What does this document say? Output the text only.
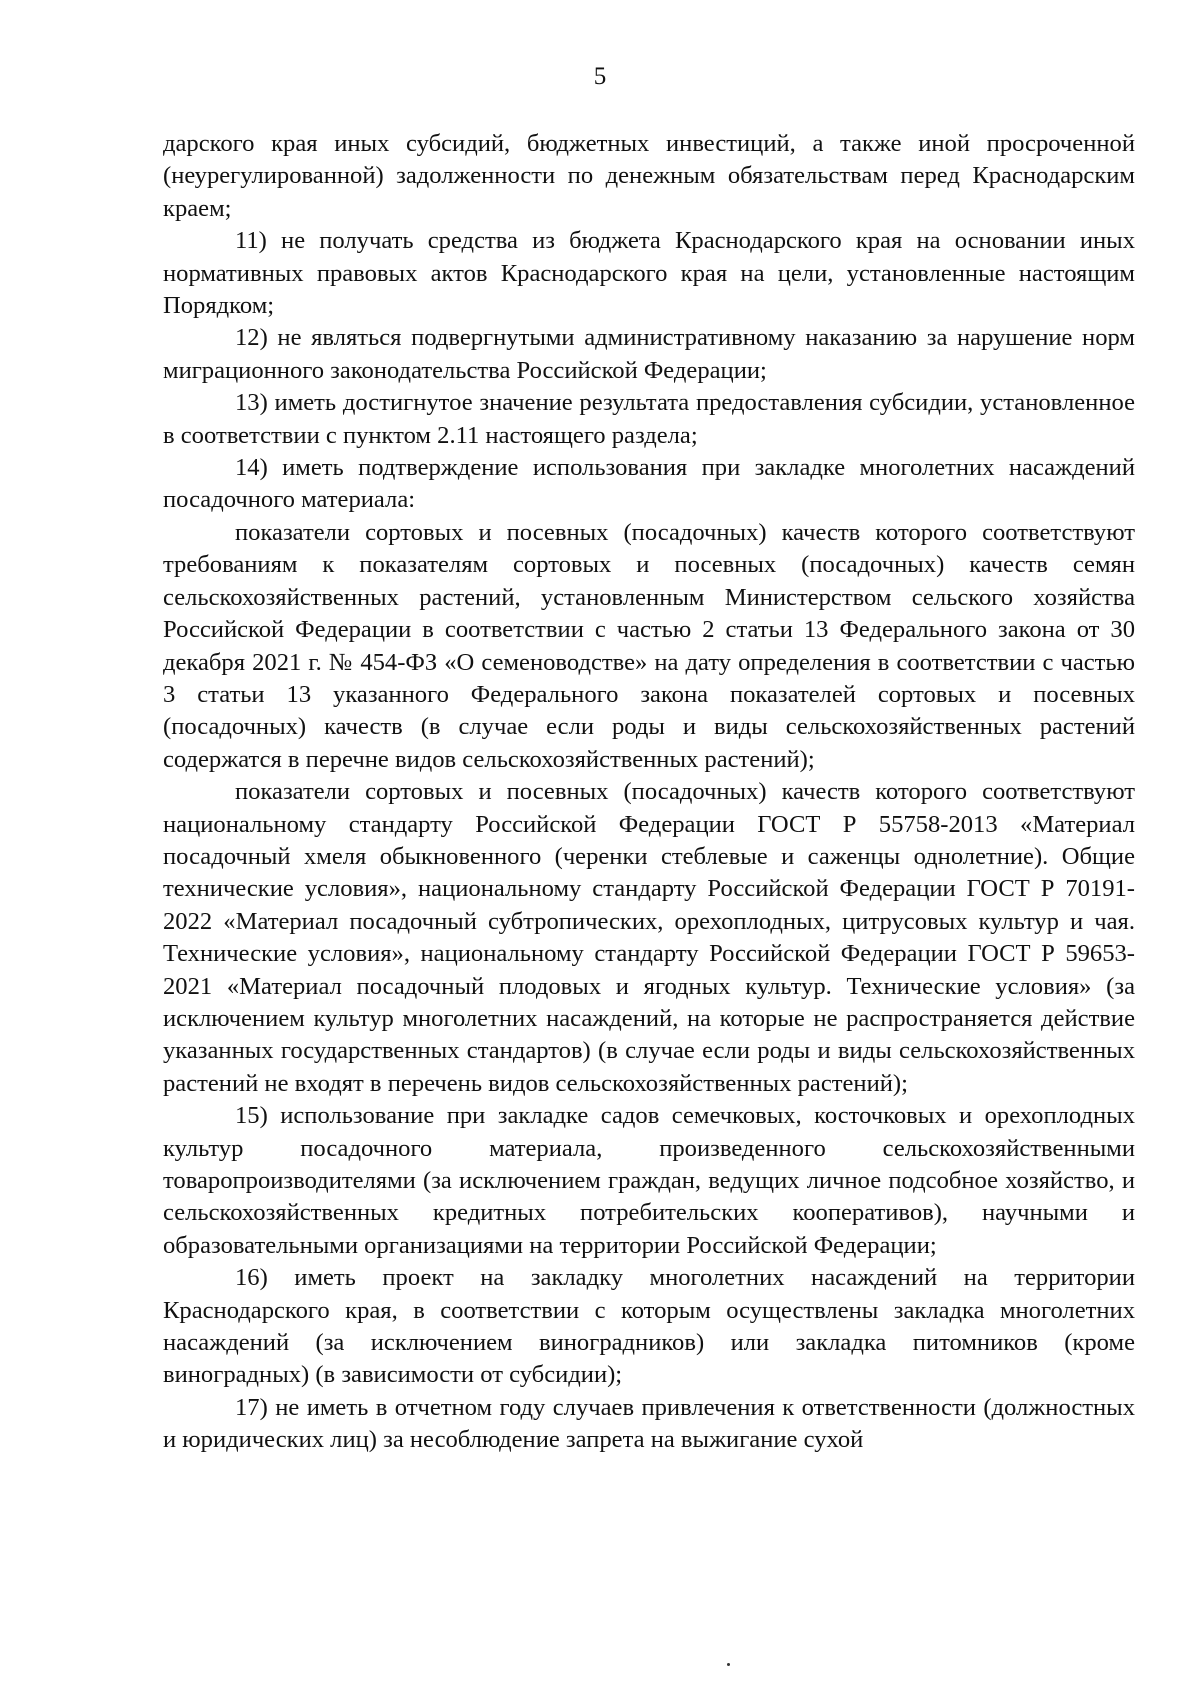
5

дарского края иных субсидий, бюджетных инвестиций, а также иной просроченной (неурегулированной) задолженности по денежным обязательствам перед Краснодарским краем;

11) не получать средства из бюджета Краснодарского края на основании иных нормативных правовых актов Краснодарского края на цели, установленные настоящим Порядком;

12) не являться подвергнутыми административному наказанию за нарушение норм миграционного законодательства Российской Федерации;

13) иметь достигнутое значение результата предоставления субсидии, установленное в соответствии с пунктом 2.11 настоящего раздела;

14) иметь подтверждение использования при закладке многолетних насаждений посадочного материала:

показатели сортовых и посевных (посадочных) качеств которого соответствуют требованиям к показателям сортовых и посевных (посадочных) качеств семян сельскохозяйственных растений, установленным Министерством сельского хозяйства Российской Федерации в соответствии с частью 2 статьи 13 Федерального закона от 30 декабря 2021 г. № 454-ФЗ «О семеноводстве» на дату определения в соответствии с частью 3 статьи 13 указанного Федерального закона показателей сортовых и посевных (посадочных) качеств (в случае если роды и виды сельскохозяйственных растений содержатся в перечне видов сельскохозяйственных растений);

показатели сортовых и посевных (посадочных) качеств которого соответствуют национальному стандарту Российской Федерации ГОСТ Р 55758-2013 «Материал посадочный хмеля обыкновенного (черенки стеблевые и саженцы однолетние). Общие технические условия», национальному стандарту Российской Федерации ГОСТ Р 70191-2022 «Материал посадочный субтропических, орехоплодных, цитрусовых культур и чая. Технические условия», национальному стандарту Российской Федерации ГОСТ Р 59653-2021 «Материал посадочный плодовых и ягодных культур. Технические условия» (за исключением культур многолетних насаждений, на которые не распространяется действие указанных государственных стандартов) (в случае если роды и виды сельскохозяйственных растений не входят в перечень видов сельскохозяйственных растений);

15) использование при закладке садов семечковых, косточковых и орехоплодных культур посадочного материала, произведенного сельскохозяйственными товаропроизводителями (за исключением граждан, ведущих личное подсобное хозяйство, и сельскохозяйственных кредитных потребительских кооперативов), научными и образовательными организациями на территории Российской Федерации;

16) иметь проект на закладку многолетних насаждений на территории Краснодарского края, в соответствии с которым осуществлены закладка многолетних насаждений (за исключением виноградников) или закладка питомников (кроме виноградных) (в зависимости от субсидии);

17) не иметь в отчетном году случаев привлечения к ответственности (должностных и юридических лиц) за несоблюдение запрета на выжигание сухой
